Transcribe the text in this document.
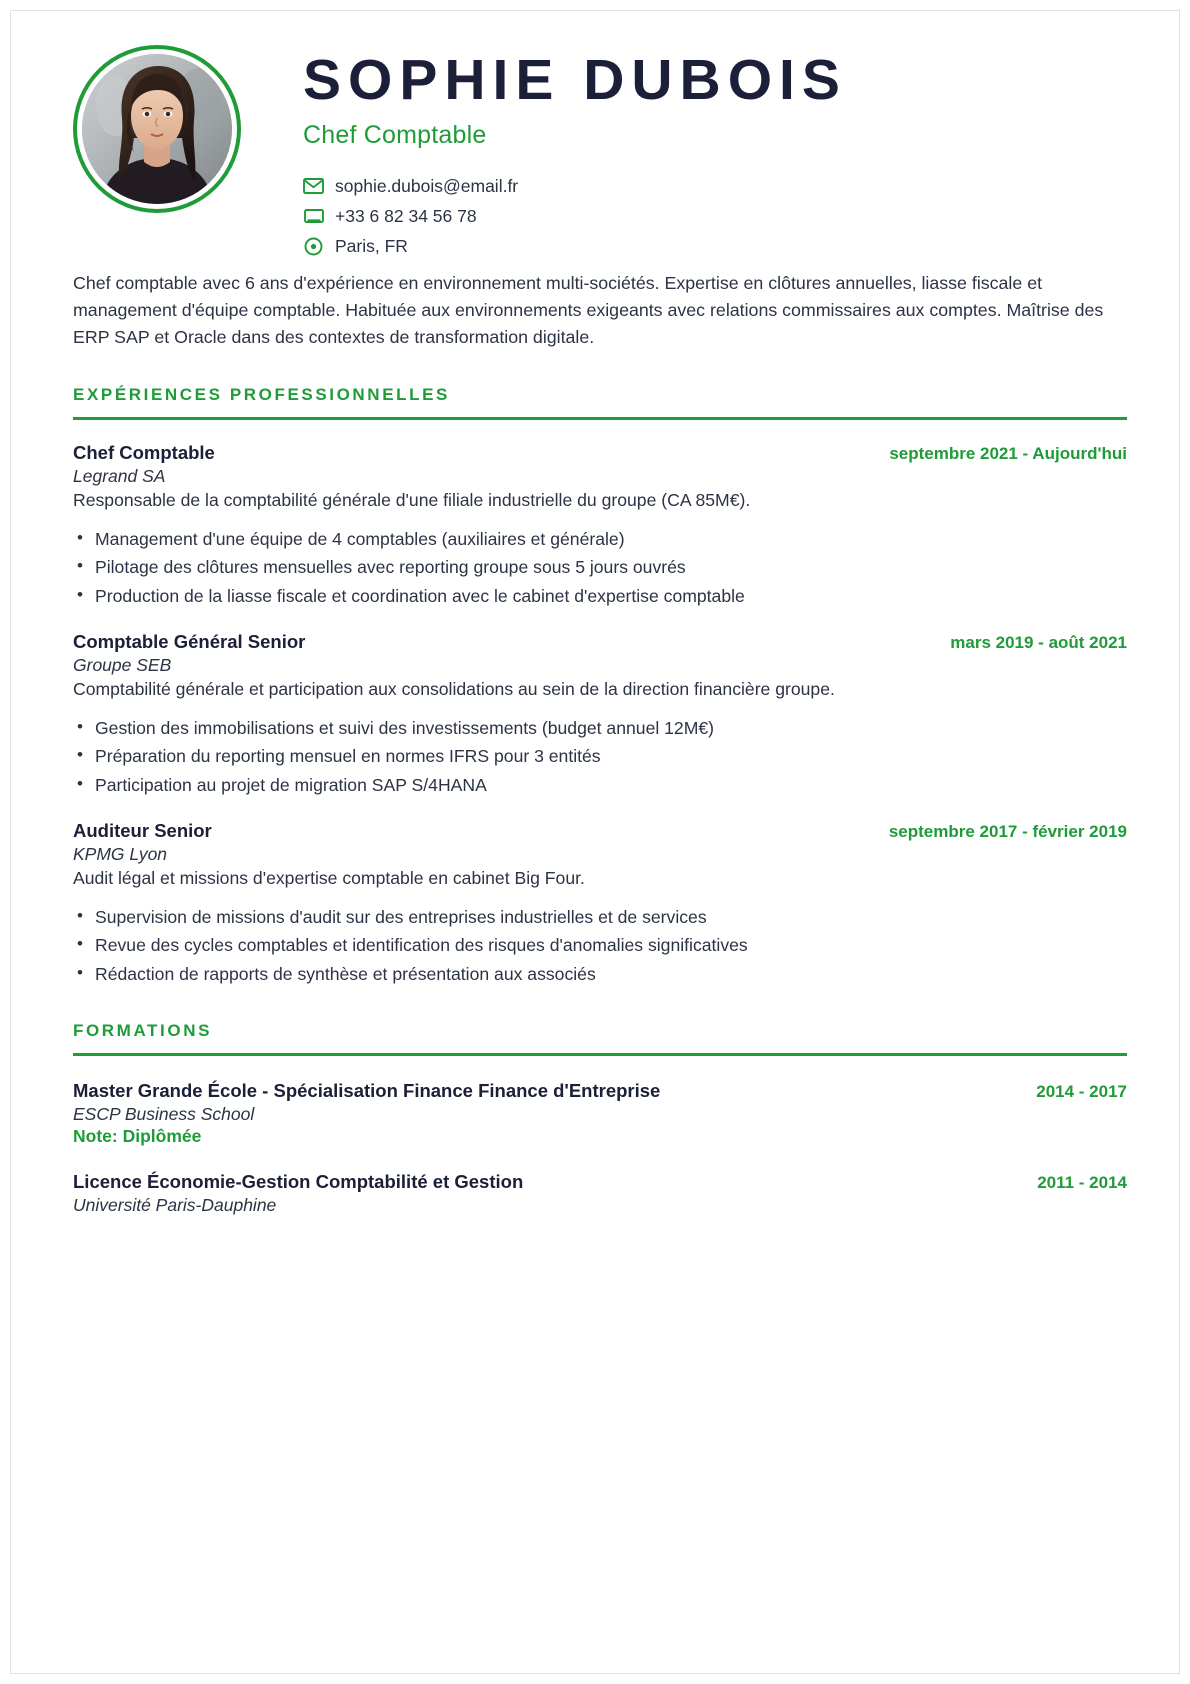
SOPHIE DUBOIS
Chef Comptable
sophie.dubois@email.fr
+33 6 82 34 56 78
Paris, FR
Chef comptable avec 6 ans d'expérience en environnement multi-sociétés. Expertise en clôtures annuelles, liasse fiscale et management d'équipe comptable. Habituée aux environnements exigeants avec relations commissaires aux comptes. Maîtrise des ERP SAP et Oracle dans des contextes de transformation digitale.
EXPÉRIENCES PROFESSIONNELLES
Chef Comptable	septembre 2021 - Aujourd'hui
Legrand SA
Responsable de la comptabilité générale d'une filiale industrielle du groupe (CA 85M€).
• Management d'une équipe de 4 comptables (auxiliaires et générale)
• Pilotage des clôtures mensuelles avec reporting groupe sous 5 jours ouvrés
• Production de la liasse fiscale et coordination avec le cabinet d'expertise comptable
Comptable Général Senior	mars 2019 - août 2021
Groupe SEB
Comptabilité générale et participation aux consolidations au sein de la direction financière groupe.
• Gestion des immobilisations et suivi des investissements (budget annuel 12M€)
• Préparation du reporting mensuel en normes IFRS pour 3 entités
• Participation au projet de migration SAP S/4HANA
Auditeur Senior	septembre 2017 - février 2019
KPMG Lyon
Audit légal et missions d'expertise comptable en cabinet Big Four.
• Supervision de missions d'audit sur des entreprises industrielles et de services
• Revue des cycles comptables et identification des risques d'anomalies significatives
• Rédaction de rapports de synthèse et présentation aux associés
FORMATIONS
Master Grande École - Spécialisation Finance Finance d'Entreprise	2014 - 2017
ESCP Business School
Note: Diplômée
Licence Économie-Gestion Comptabilité et Gestion	2011 - 2014
Université Paris-Dauphine
